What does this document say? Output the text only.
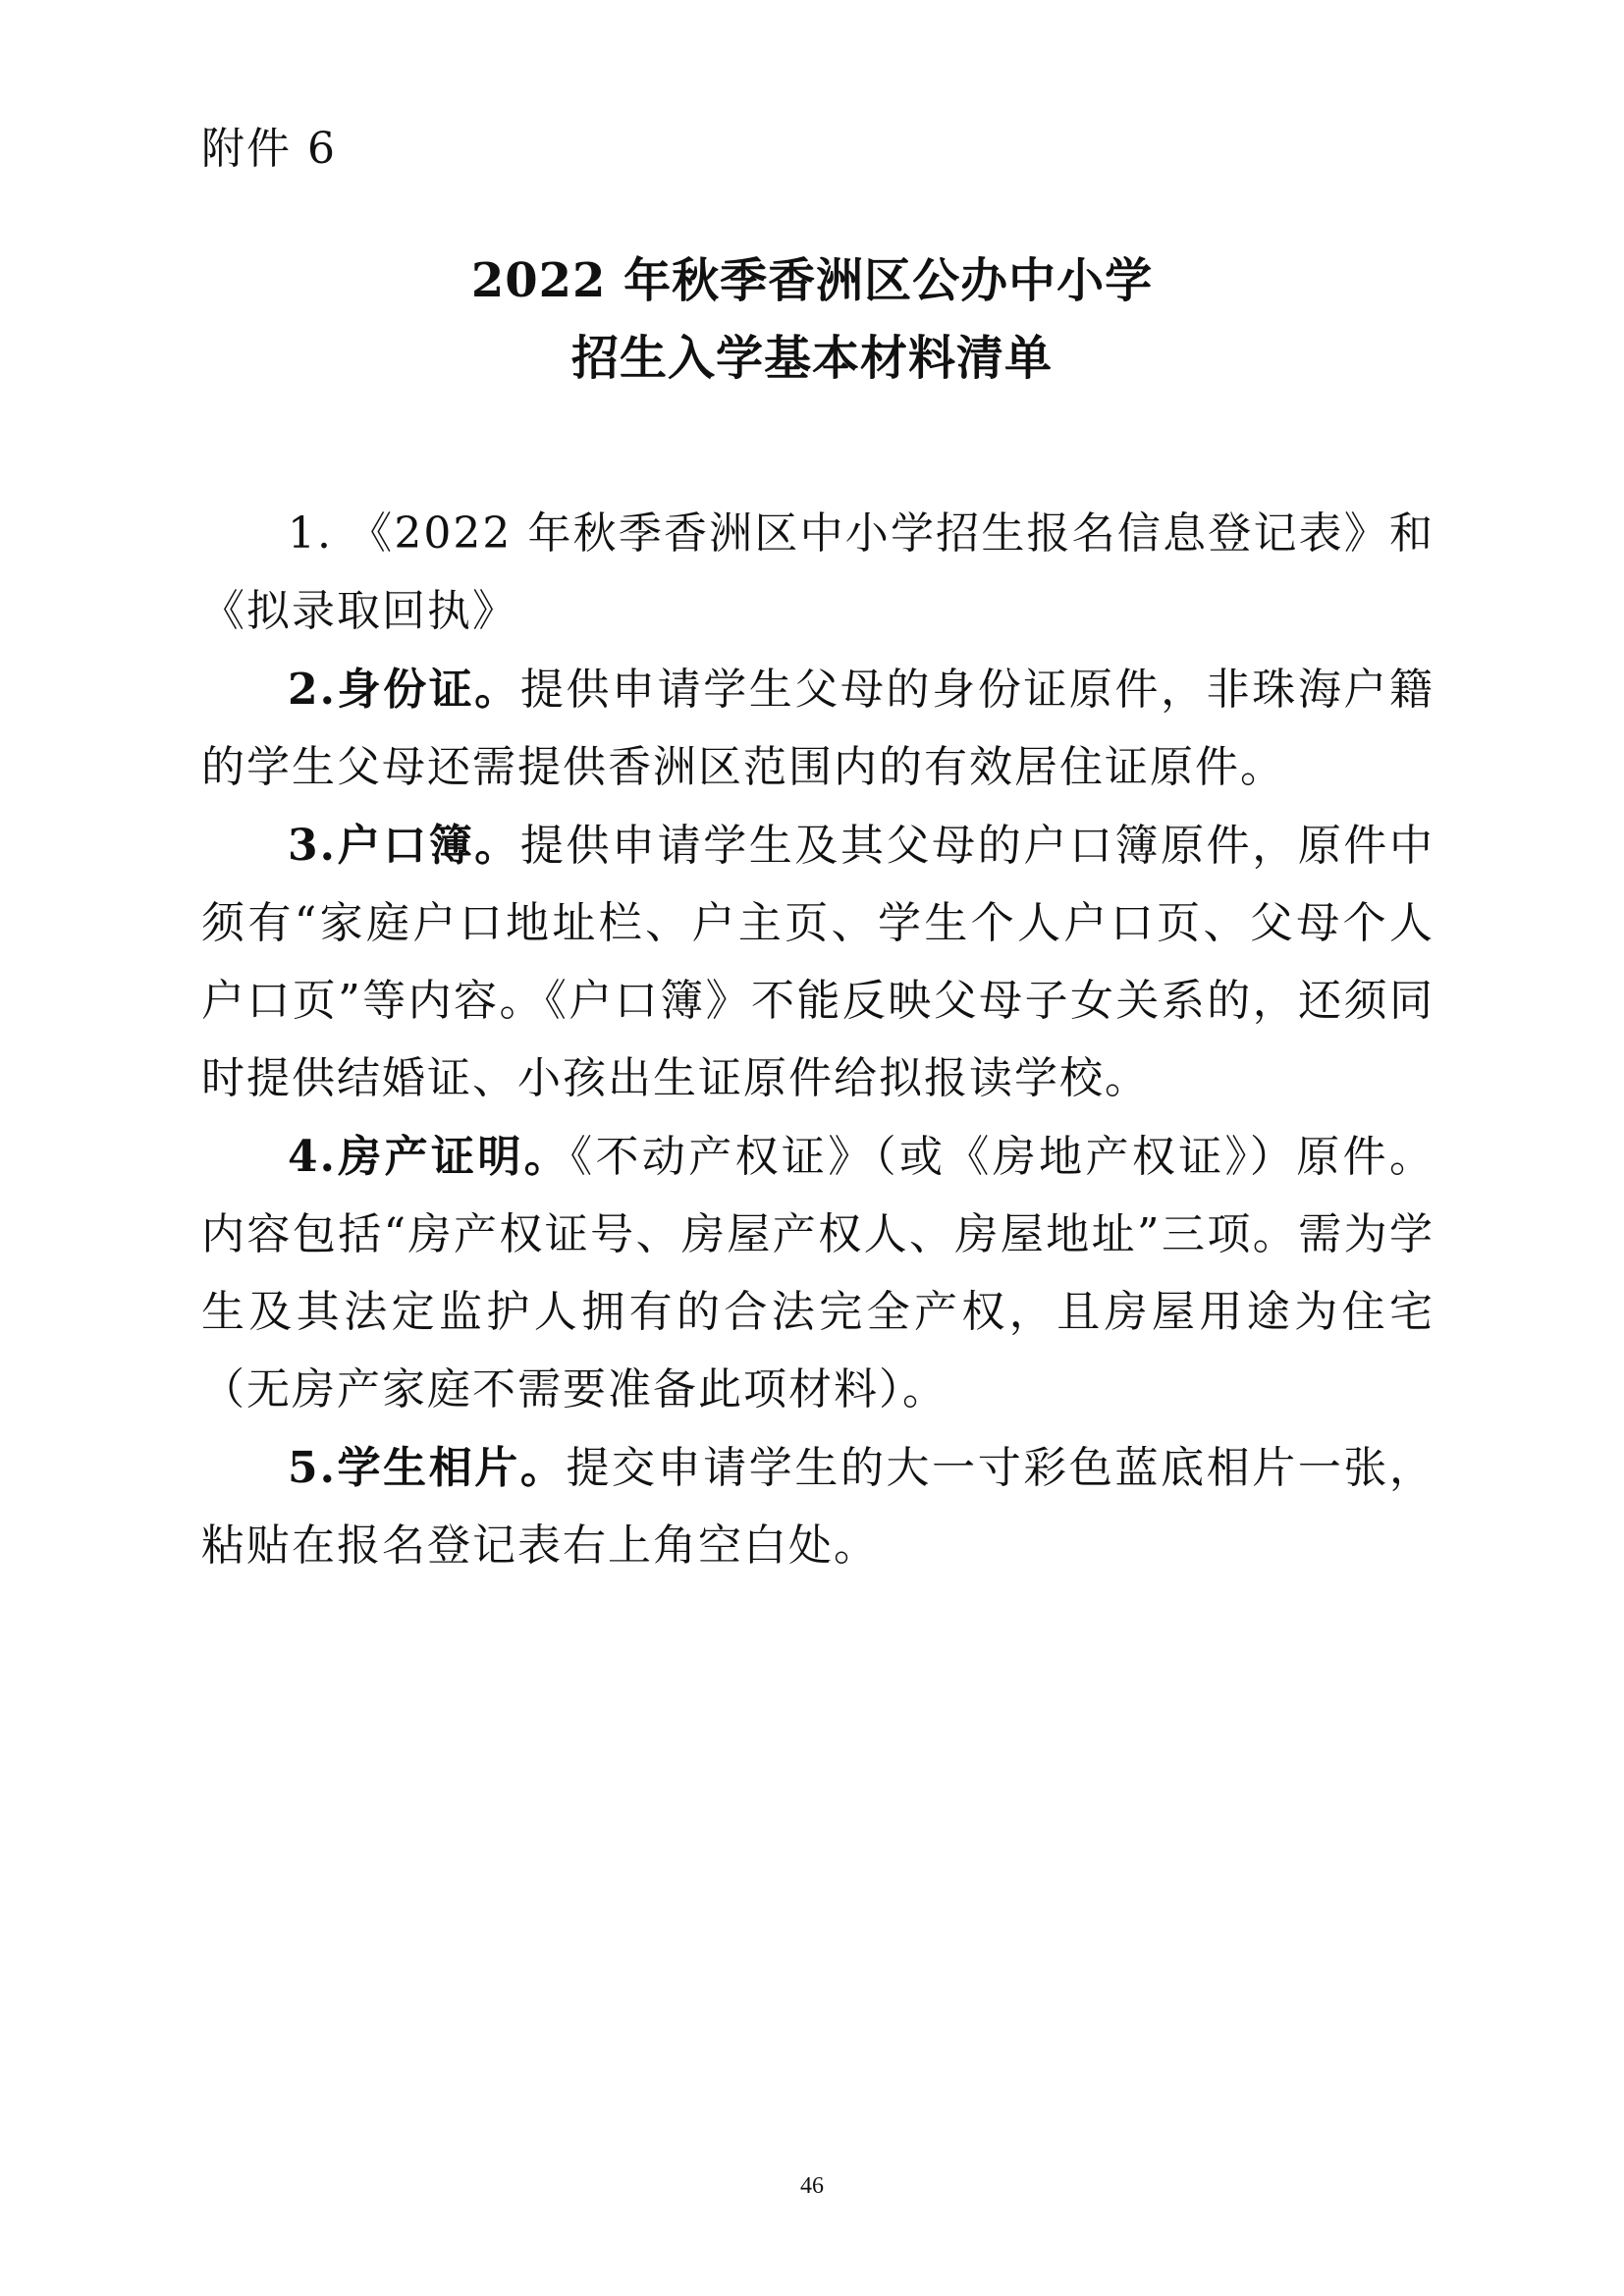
附件 6

2022 年秋季香洲区公办中小学
招生入学基本材料清单

1. 《2022 年秋季香洲区中小学招生报名信息登记表》和《拟录取回执》

2.身份证。提供申请学生父母的身份证原件，非珠海户籍的学生父母还需提供香洲区范围内的有效居住证原件。

3.户口簿。提供申请学生及其父母的户口簿原件，原件中须有“家庭户口地址栏、户主页、学生个人户口页、父母个人户口页”等内容。《户口簿》不能反映父母子女关系的，还须同时提供结婚证、小孩出生证原件给拟报读学校。

4.房产证明。《不动产权证》（或《房地产权证》）原件。内容包括“房产权证号、房屋产权人、房屋地址”三项。需为学生及其法定监护人拥有的合法完全产权，且房屋用途为住宅（无房产家庭不需要准备此项材料）。

5.学生相片。提交申请学生的大一寸彩色蓝底相片一张，粘贴在报名登记表右上角空白处。

46
